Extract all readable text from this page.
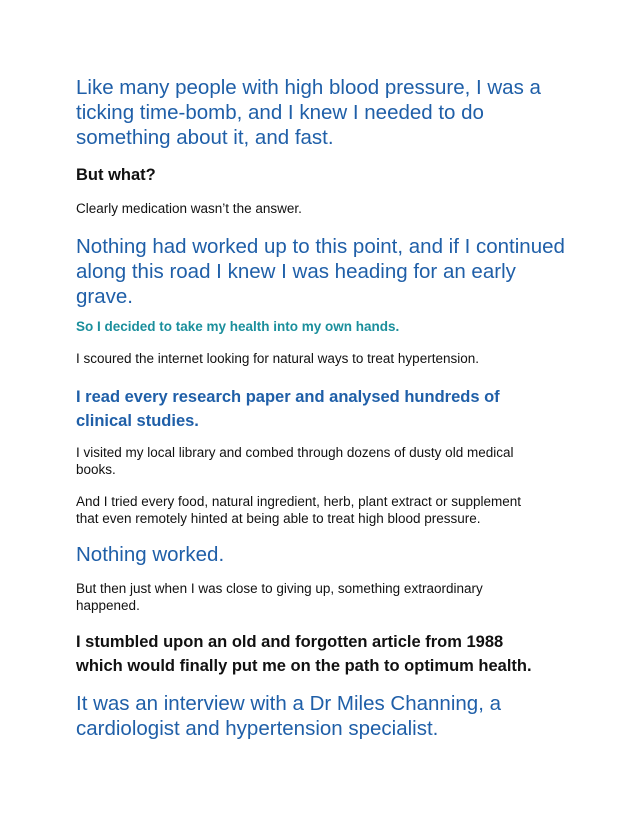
Like many people with high blood pressure, I was a
ticking time-bomb, and I knew I needed to do
something about it, and fast.

But what?

Clearly medication wasn’t the answer.

Nothing had worked up to this point, and if I continued
along this road I knew I was heading for an early
grave.

So I decided to take my health into my own hands.

I scoured the internet looking for natural ways to treat hypertension.

I read every research paper and analysed hundreds of
clinical studies.

I visited my local library and combed through dozens of dusty old medical
books.

And I tried every food, natural ingredient, herb, plant extract or supplement
that even remotely hinted at being able to treat high blood pressure.

Nothing worked.

But then just when I was close to giving up, something extraordinary
happened.

I stumbled upon an old and forgotten article from 1988
which would finally put me on the path to optimum health.

It was an interview with a Dr Miles Channing, a
cardiologist and hypertension specialist.
